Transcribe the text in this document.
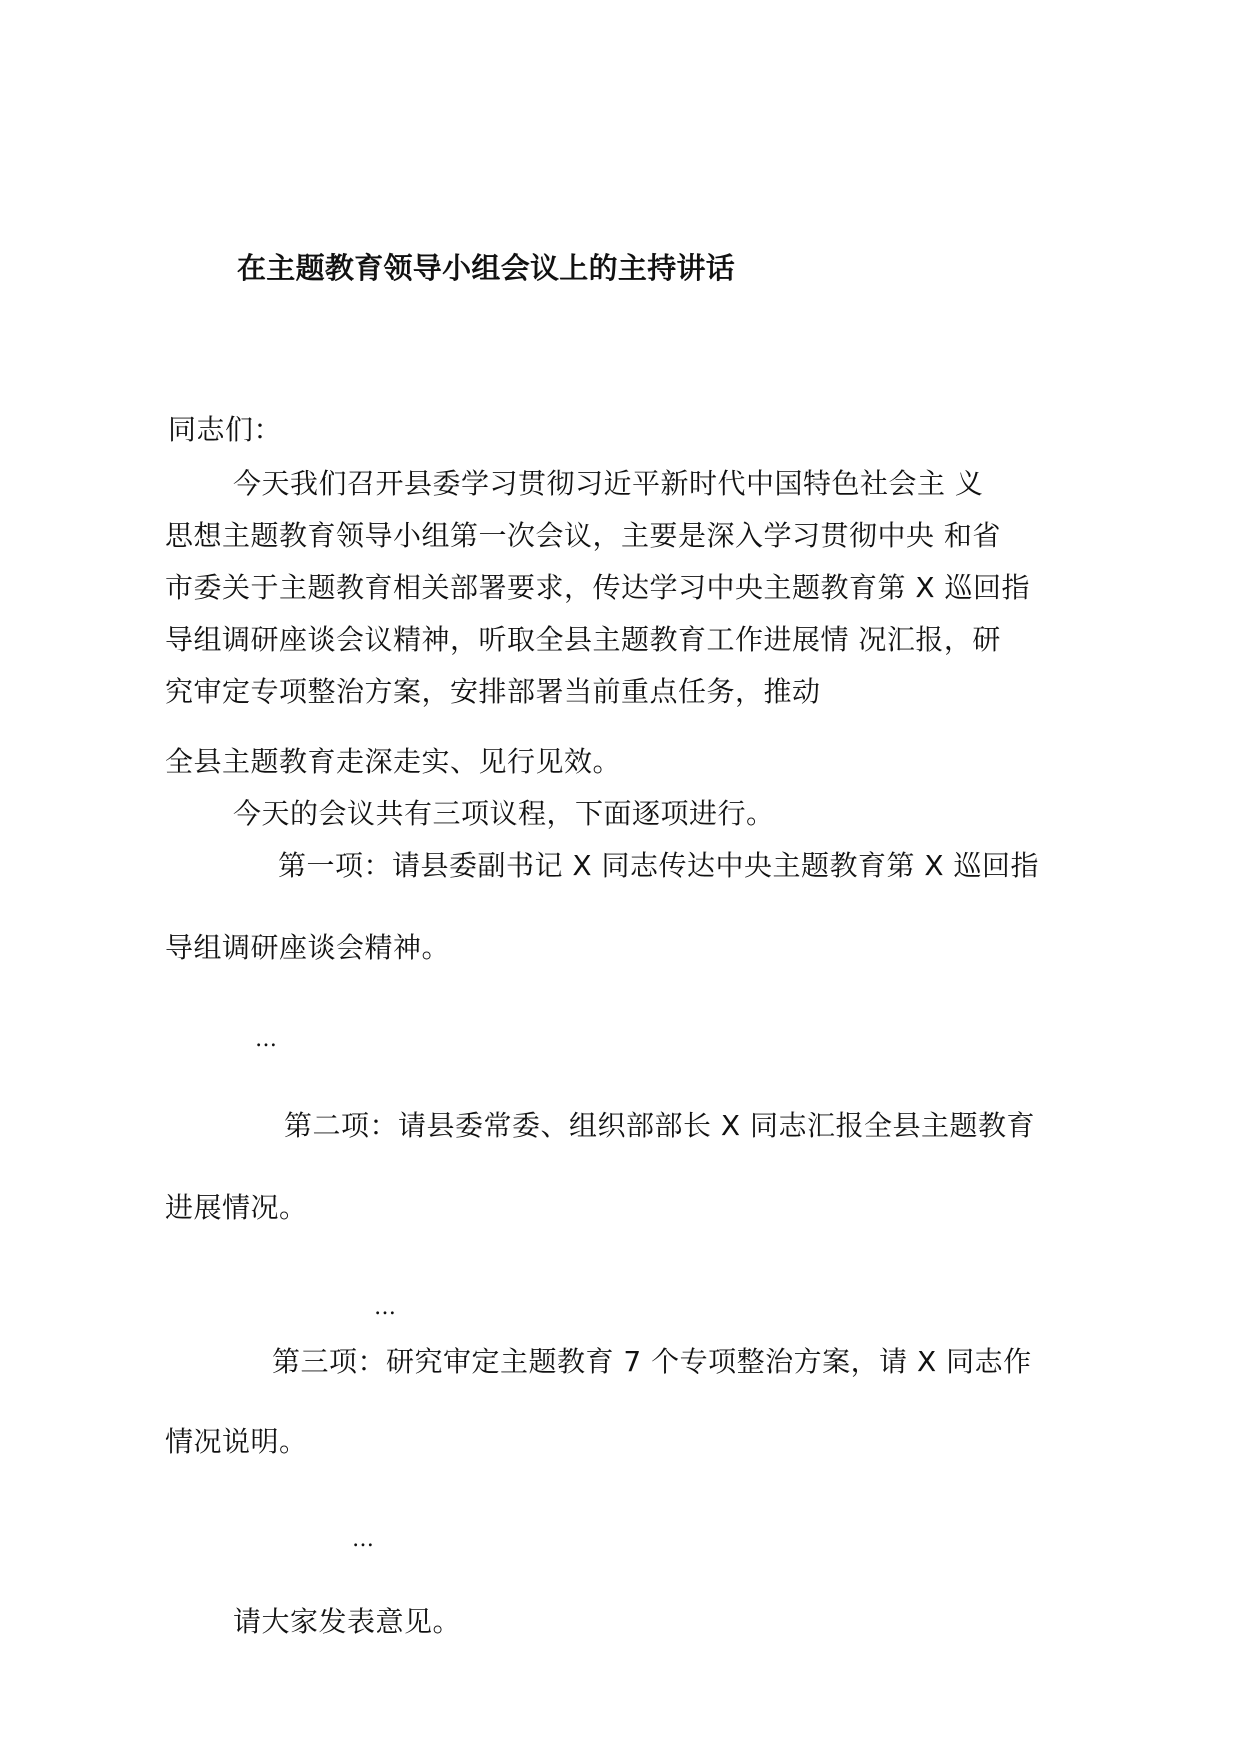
在主题教育领导小组会议上的主持讲话
同志们：
今天我们召开县委学习贯彻习近平新时代中国特色社会主 义
思想主题教育领导小组第一次会议，主要是深入学习贯彻中央 和省
市委关于主题教育相关部署要求，传达学习中央主题教育第 X 巡回指
导组调研座谈会议精神，听取全县主题教育工作进展情 况汇报，研
究审定专项整治方案，安排部署当前重点任务，推动
全县主题教育走深走实、见行见效。
今天的会议共有三项议程，下面逐项进行。
第一项：请县委副书记 X 同志传达中央主题教育第 X 巡回指
导组调研座谈会精神。
…
第二项：请县委常委、组织部部长 X 同志汇报全县主题教育
进展情况。
…
第三项：研究审定主题教育 7 个专项整治方案，请 X 同志作
情况说明。
…
请大家发表意见。
